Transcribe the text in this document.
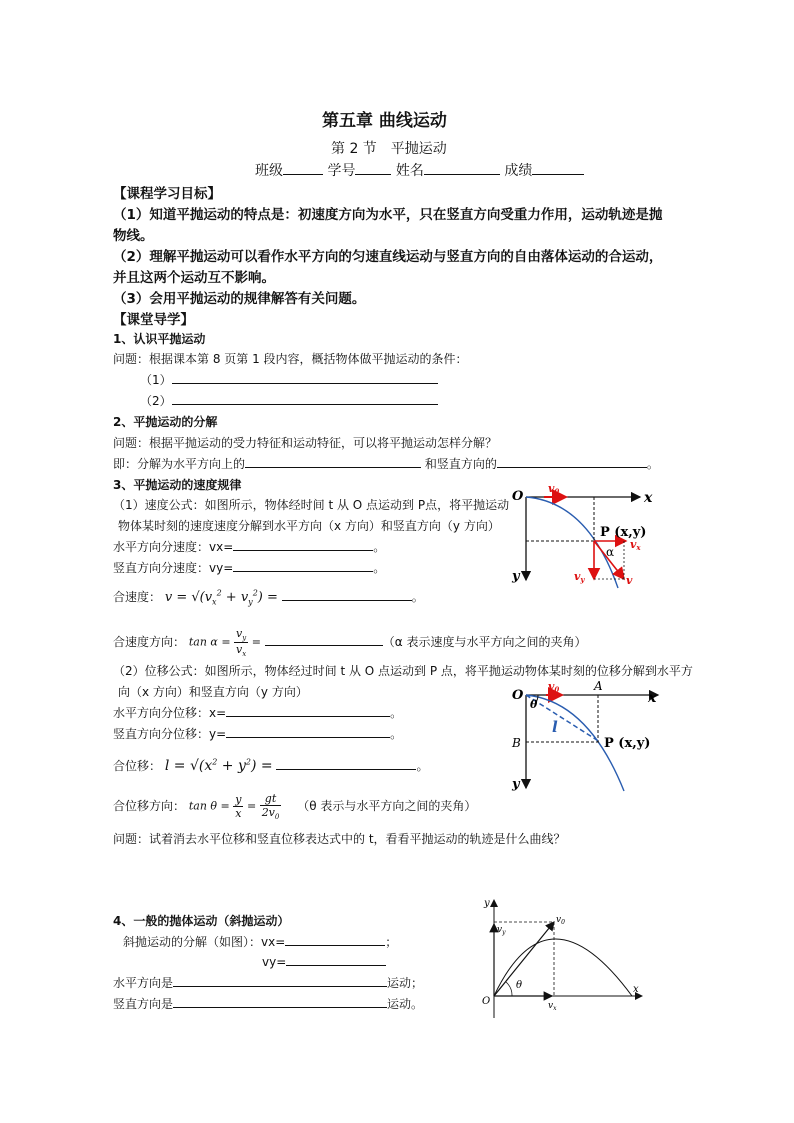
第五章 曲线运动
第 2 节　平抛运动
班级	学号	姓名	成绩
【课程学习目标】
（1）知道平抛运动的特点是：初速度方向为水平，只在竖直方向受重力作用，运动轨迹是抛
物线。
（2）理解平抛运动可以看作水平方向的匀速直线运动与竖直方向的自由落体运动的合运动，
并且这两个运动互不影响。
（3）会用平抛运动的规律解答有关问题。
【课堂导学】
1、认识平抛运动
问题：根据课本第 8 页第 1 段内容，概括物体做平抛运动的条件：
（1）
（2）
2、平抛运动的分解
问题：根据平抛运动的受力特征和运动特征，可以将平抛运动怎样分解？
即：分解为水平方向上的	和竖直方向的	。
3、平抛运动的速度规律
（1）速度公式：如图所示，物体经时间 t 从 O 点运动到 P点，将平抛运动
物体某时刻的速度速度分解到水平方向（x 方向）和竖直方向（y 方向）
水平方向分速度：vx=	。
竖直方向分速度：vy=	。
合速度： $v = √(v_x^2 + v_y^2)$ =	。
合速度方向： $\tan \alpha = \frac{v_y}{v_x}$ =	（α 表示速度与水平方向之间的夹角）
（2）位移公式：如图所示，物体经过时间 t 从 O 点运动到 P 点，将平抛运动物体某时刻的位移分解到水平方
向（x 方向）和竖直方向（y 方向）
水平方向分位移：x=	。
竖直方向分位移：y=	。
合位移： $l = √(x^2 + y^2)$ =	。
合位移方向： $\tan \theta = \frac{y}{x} = \frac{gt}{2v_0} (\theta$ 表示与水平方向之间的夹角）
问题：试着消去水平位移和竖直位移表达式中的 t，看看平抛运动的轨迹是什么曲线？
4、一般的抛体运动（斜抛运动）
斜抛运动的分解（如图）：vx=	；
vy=
水平方向是	运动；
竖直方向是	运动。
O	x
y
v0
P (x,y)
α
vx
vy	v
O	x
y
v0	A
θ
l
B	P (x,y)
O
x
y
θ
$v_0$
$v_y$
$v_x$
